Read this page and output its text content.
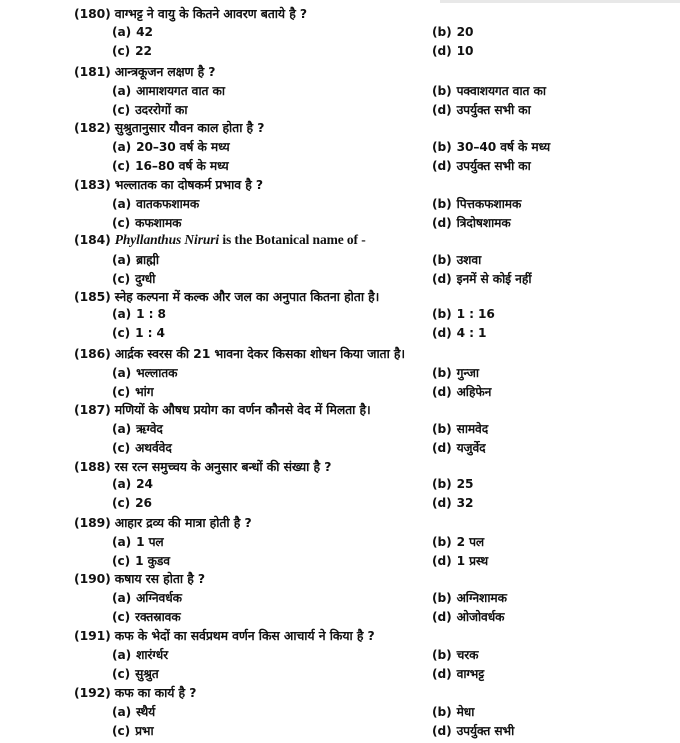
(180) वाग्भट्ट ने वायु के कितने आवरण बताये है ?
(a) 42	(b) 20
(c) 22	(d) 10
(181) आन्त्रकूजन लक्षण है ?
(a) आमाशयगत वात का	(b) पक्वाशयगत वात का
(c) उदररोगों का	(d) उपर्युक्त सभी का
(182) सुश्रुतानुसार यौवन काल होता है ?
(a) 20–30 वर्ष के मध्य	(b) 30–40 वर्ष के मध्य
(c) 16–80 वर्ष के मध्य	(d) उपर्युक्त सभी का
(183) भल्लातक का दोषकर्म प्रभाव है ?
(a) वातकफशामक	(b) पित्तकफशामक
(c) कफशामक	(d) त्रिदोषशामक
(184) Phyllanthus Niruri is the Botanical name of -
(a) ब्राह्मी	(b) उशवा
(c) दुग्धी	(d) इनमें से कोई नहीं
(185) स्नेह कल्पना में कल्क और जल का अनुपात कितना होता है।
(a) 1 : 8	(b) 1 : 16
(c) 1 : 4	(d) 4 : 1
(186) आर्द्रक स्वरस की 21 भावना देकर किसका शोधन किया जाता है।
(a) भल्लातक	(b) गुन्जा
(c) भांग	(d) अहिफेन
(187) मणियों के औषध प्रयोग का वर्णन कौनसे वेद में मिलता है।
(a) ऋग्वेद	(b) सामवेद
(c) अथर्ववेद	(d) यजुर्वेद
(188) रस रत्न समुच्चय के अनुसार बन्धों की संख्या है ?
(a) 24	(b) 25
(c) 26	(d) 32
(189) आहार द्रव्य की मात्रा होती है ?
(a) 1 पल	(b) 2 पल
(c) 1 कुडव	(d) 1 प्रस्थ
(190) कषाय रस होता है ?
(a) अग्निवर्धक	(b) अग्निशामक
(c) रक्तस्रावक	(d) ओजोवर्धक
(191) कफ के भेदों का सर्वप्रथम वर्णन किस आचार्य ने किया है ?
(a) शारंर्ग्धर	(b) चरक
(c) सुश्रुत	(d) वाग्भट्ट
(192) कफ का कार्य है ?
(a) स्थैर्य	(b) मेधा
(c) प्रभा	(d) उपर्युक्त सभी
